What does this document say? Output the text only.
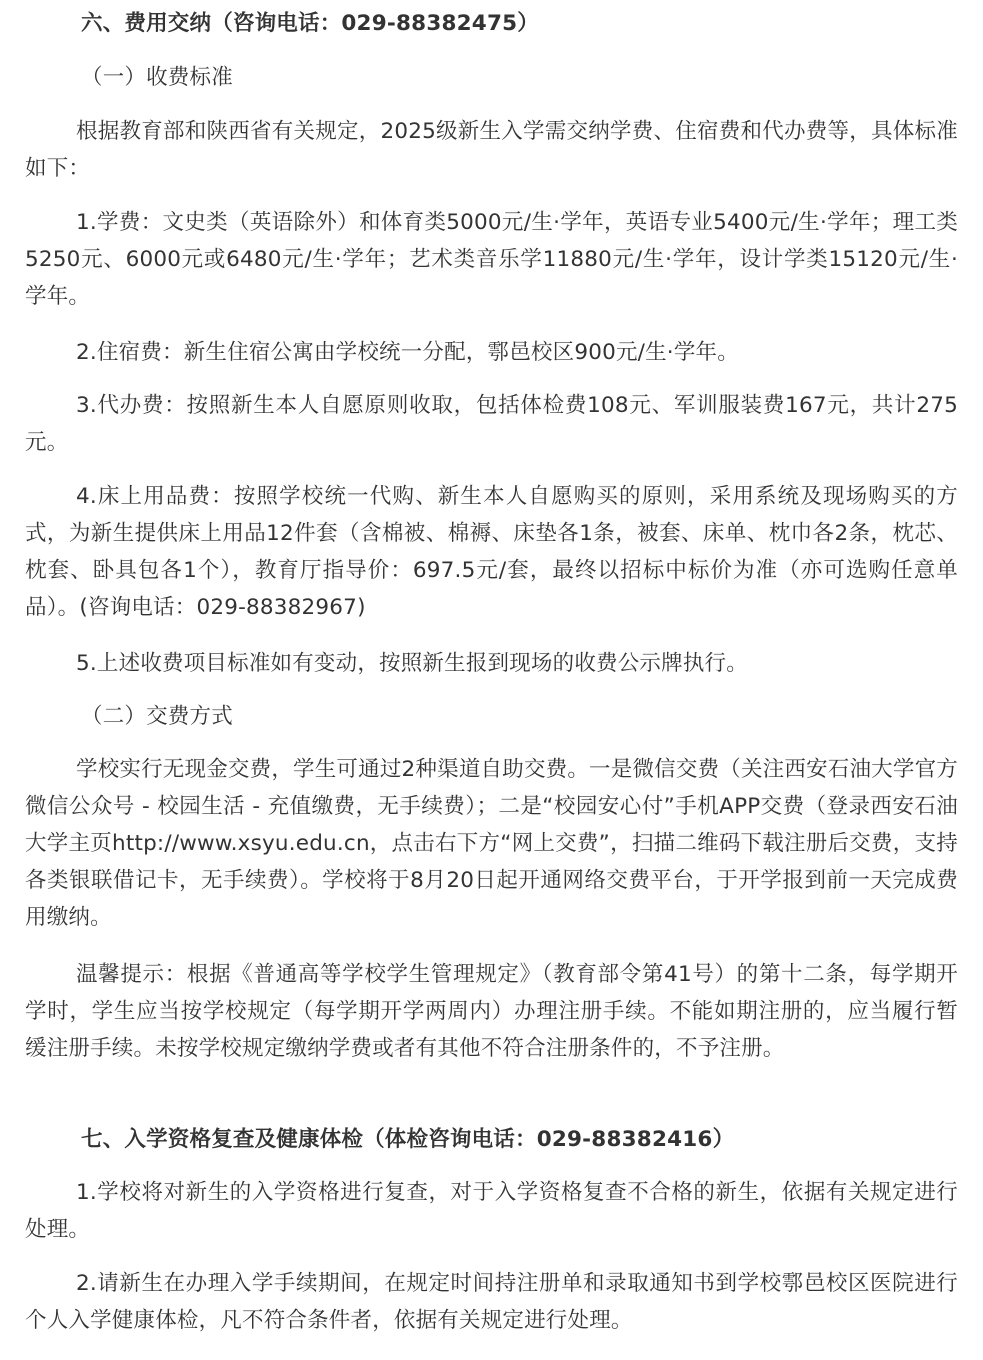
六、费用交纳（咨询电话：029-88382475）

（一）收费标准

根据教育部和陕西省有关规定，2025级新生入学需交纳学费、住宿费和代办费等，具体标准如下：

1.学费：文史类（英语除外）和体育类5000元/生·学年，英语专业5400元/生·学年；理工类5250元、6000元或6480元/生·学年；艺术类音乐学11880元/生·学年，设计学类15120元/生·学年。

2.住宿费：新生住宿公寓由学校统一分配，鄠邑校区900元/生·学年。

3.代办费：按照新生本人自愿原则收取，包括体检费108元、军训服装费167元，共计275元。

4.床上用品费：按照学校统一代购、新生本人自愿购买的原则，采用系统及现场购买的方式，为新生提供床上用品12件套（含棉被、棉褥、床垫各1条，被套、床单、枕巾各2条，枕芯、枕套、卧具包各1个），教育厅指导价：697.5元/套，最终以招标中标价为准（亦可选购任意单品）。(咨询电话：029-88382967)

5.上述收费项目标准如有变动，按照新生报到现场的收费公示牌执行。

（二）交费方式

学校实行无现金交费，学生可通过2种渠道自助交费。一是微信交费（关注西安石油大学官方微信公众号 - 校园生活 - 充值缴费，无手续费）；二是“校园安心付”手机APP交费（登录西安石油大学主页http://www.xsyu.edu.cn，点击右下方“网上交费”，扫描二维码下载注册后交费，支持各类银联借记卡，无手续费）。学校将于8月20日起开通网络交费平台，于开学报到前一天完成费用缴纳。

温馨提示：根据《普通高等学校学生管理规定》（教育部令第41号）的第十二条，每学期开学时，学生应当按学校规定（每学期开学两周内）办理注册手续。不能如期注册的，应当履行暂缓注册手续。未按学校规定缴纳学费或者有其他不符合注册条件的，不予注册。

七、入学资格复查及健康体检（体检咨询电话：029-88382416）

1.学校将对新生的入学资格进行复查，对于入学资格复查不合格的新生，依据有关规定进行处理。

2.请新生在办理入学手续期间，在规定时间持注册单和录取通知书到学校鄠邑校区医院进行个人入学健康体检，凡不符合条件者，依据有关规定进行处理。
